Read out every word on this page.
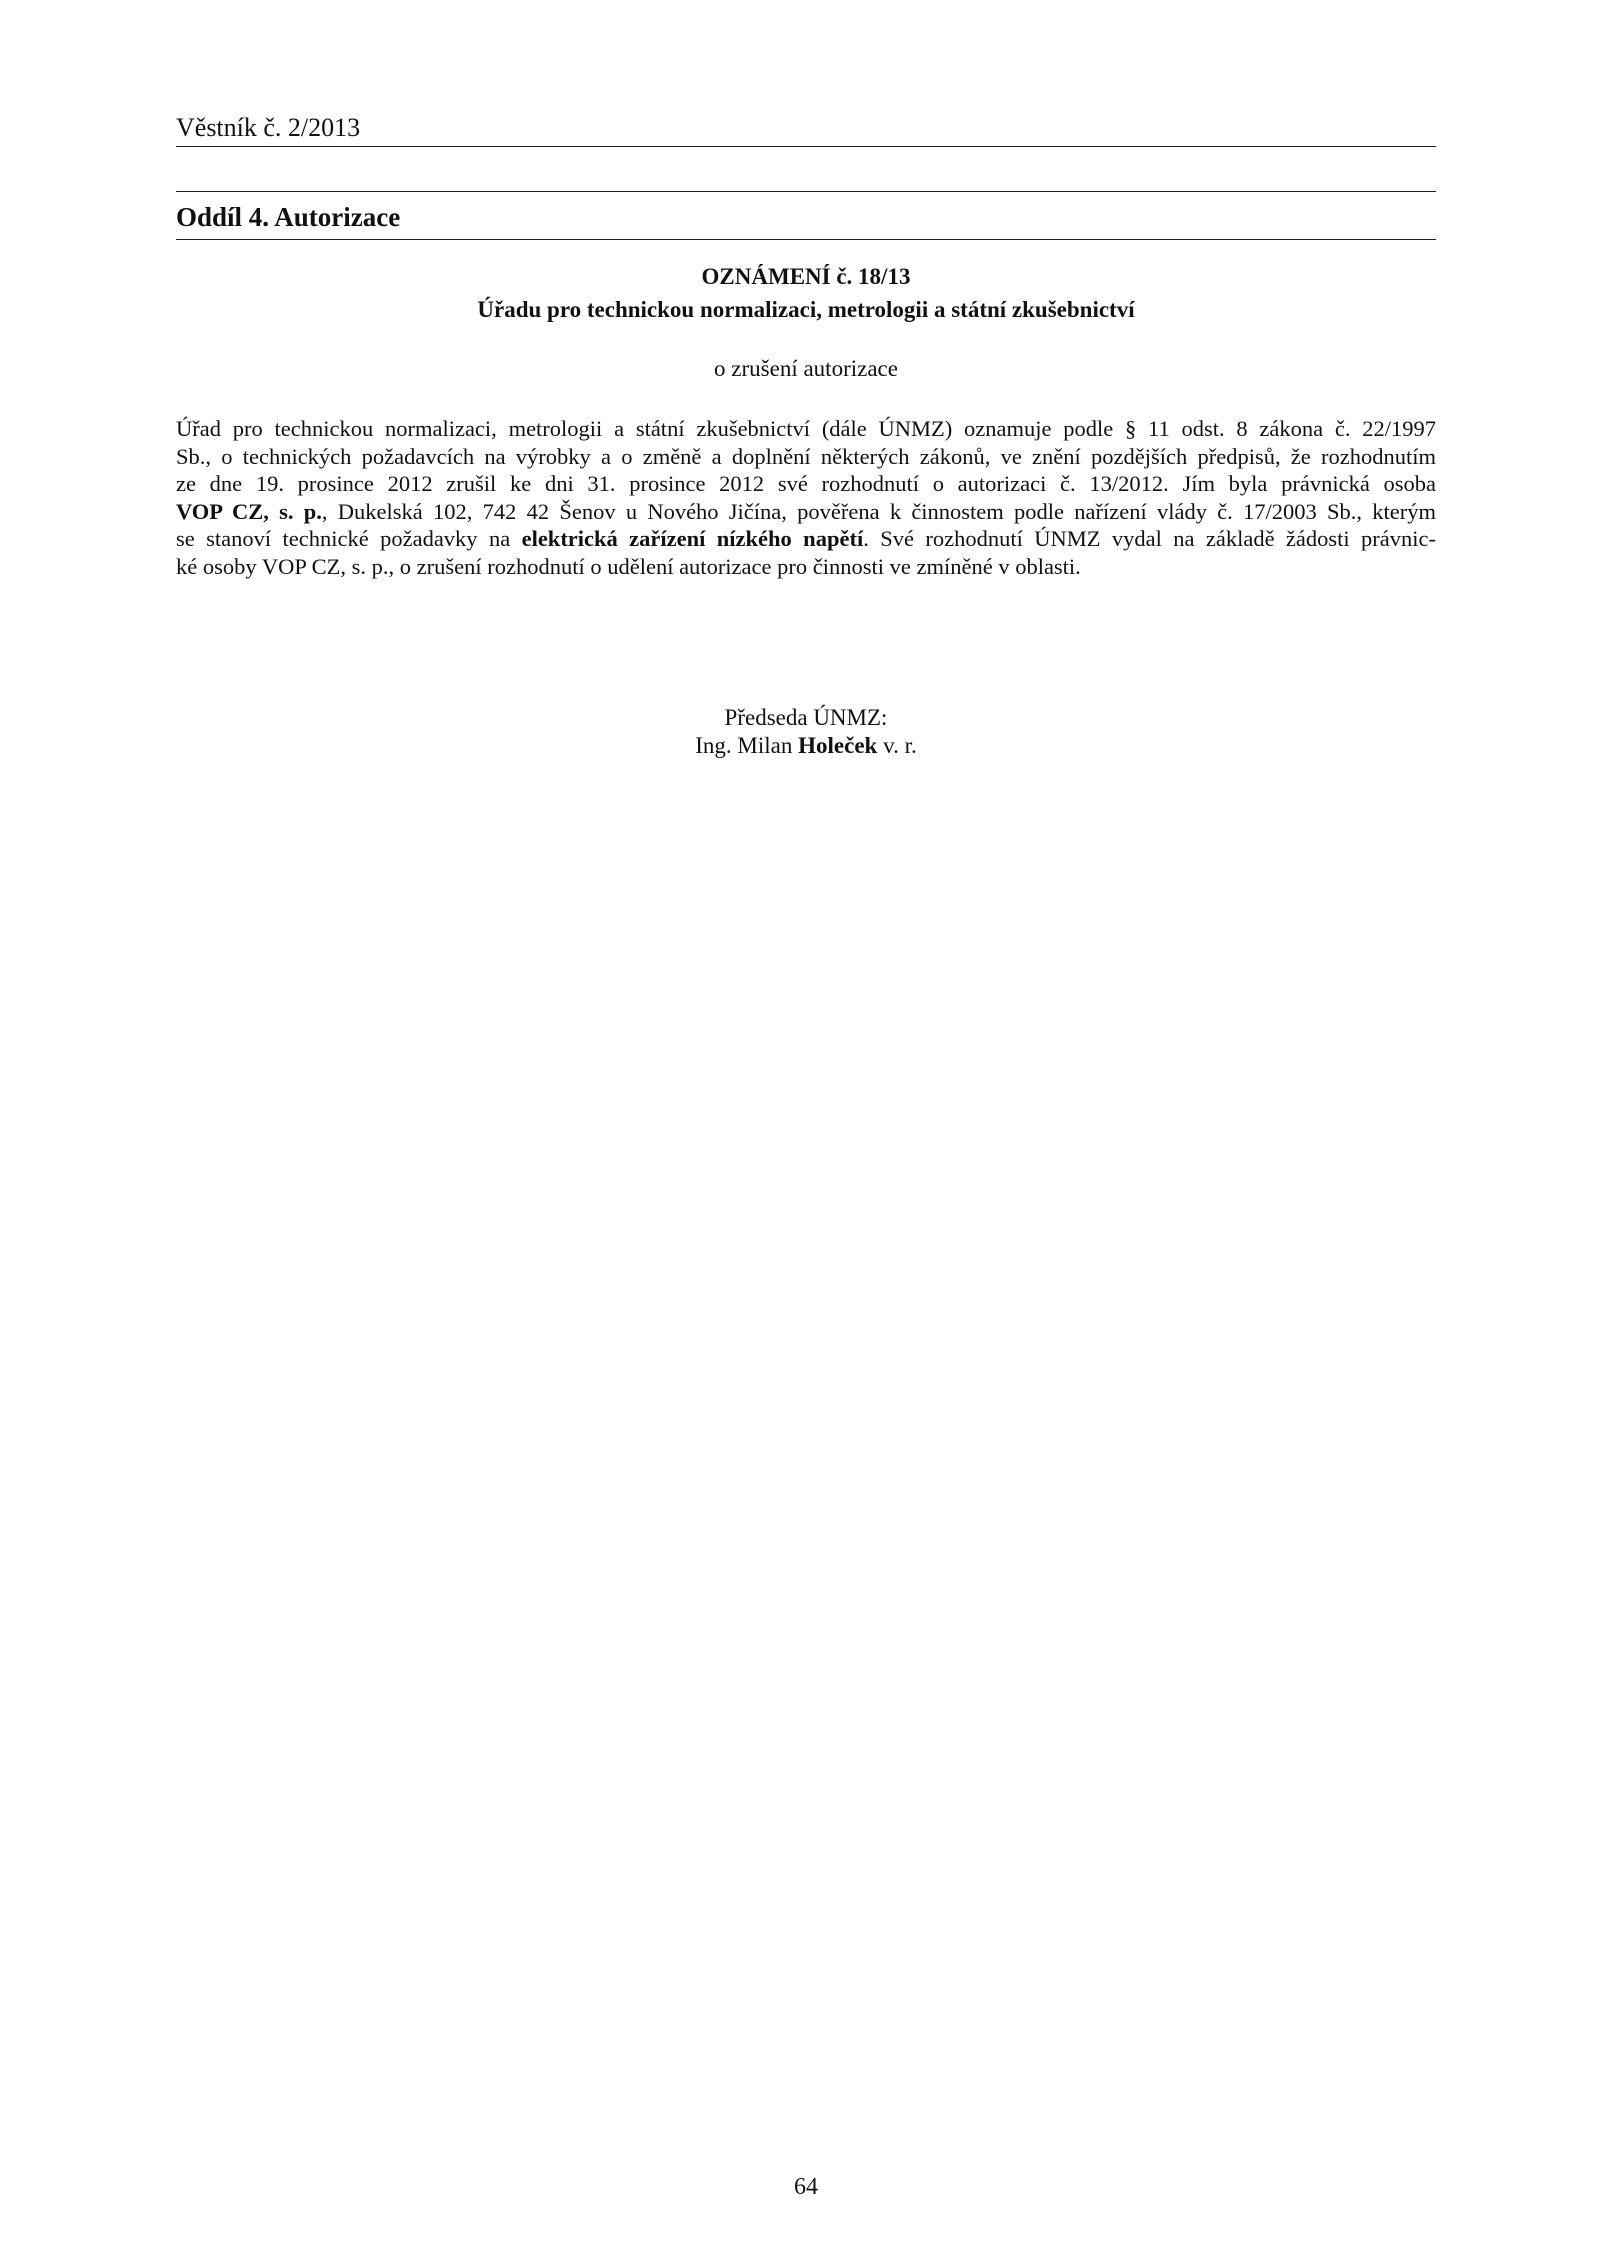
Věstník č. 2/2013
Oddíl 4. Autorizace
OZNÁMENÍ č. 18/13
Úřadu pro technickou normalizaci, metrologii a státní zkušebnictví
o zrušení autorizace
Úřad pro technickou normalizaci, metrologii a státní zkušebnictví (dále ÚNMZ) oznamuje podle § 11 odst. 8 zákona č. 22/1997
Sb., o technických požadavcích na výrobky a o změně a doplnění některých zákonů, ve znění pozdějších předpisů, že rozhodnutím
ze dne 19. prosince 2012 zrušil ke dni 31. prosince 2012 své rozhodnutí o autorizaci č. 13/2012. Jím byla právnická osoba
VOP CZ, s. p., Dukelská 102, 742 42 Šenov u Nového Jičína, pověřena k činnostem podle nařízení vlády č. 17/2003 Sb., kterým
se stanoví technické požadavky na elektrická zařízení nízkého napětí. Své rozhodnutí ÚNMZ vydal na základě žádosti právnic-
ké osoby VOP CZ, s. p., o zrušení rozhodnutí o udělení autorizace pro činnosti ve zmíněné v oblasti.
Předseda ÚNMZ:
Ing. Milan Holeček v. r.
64
